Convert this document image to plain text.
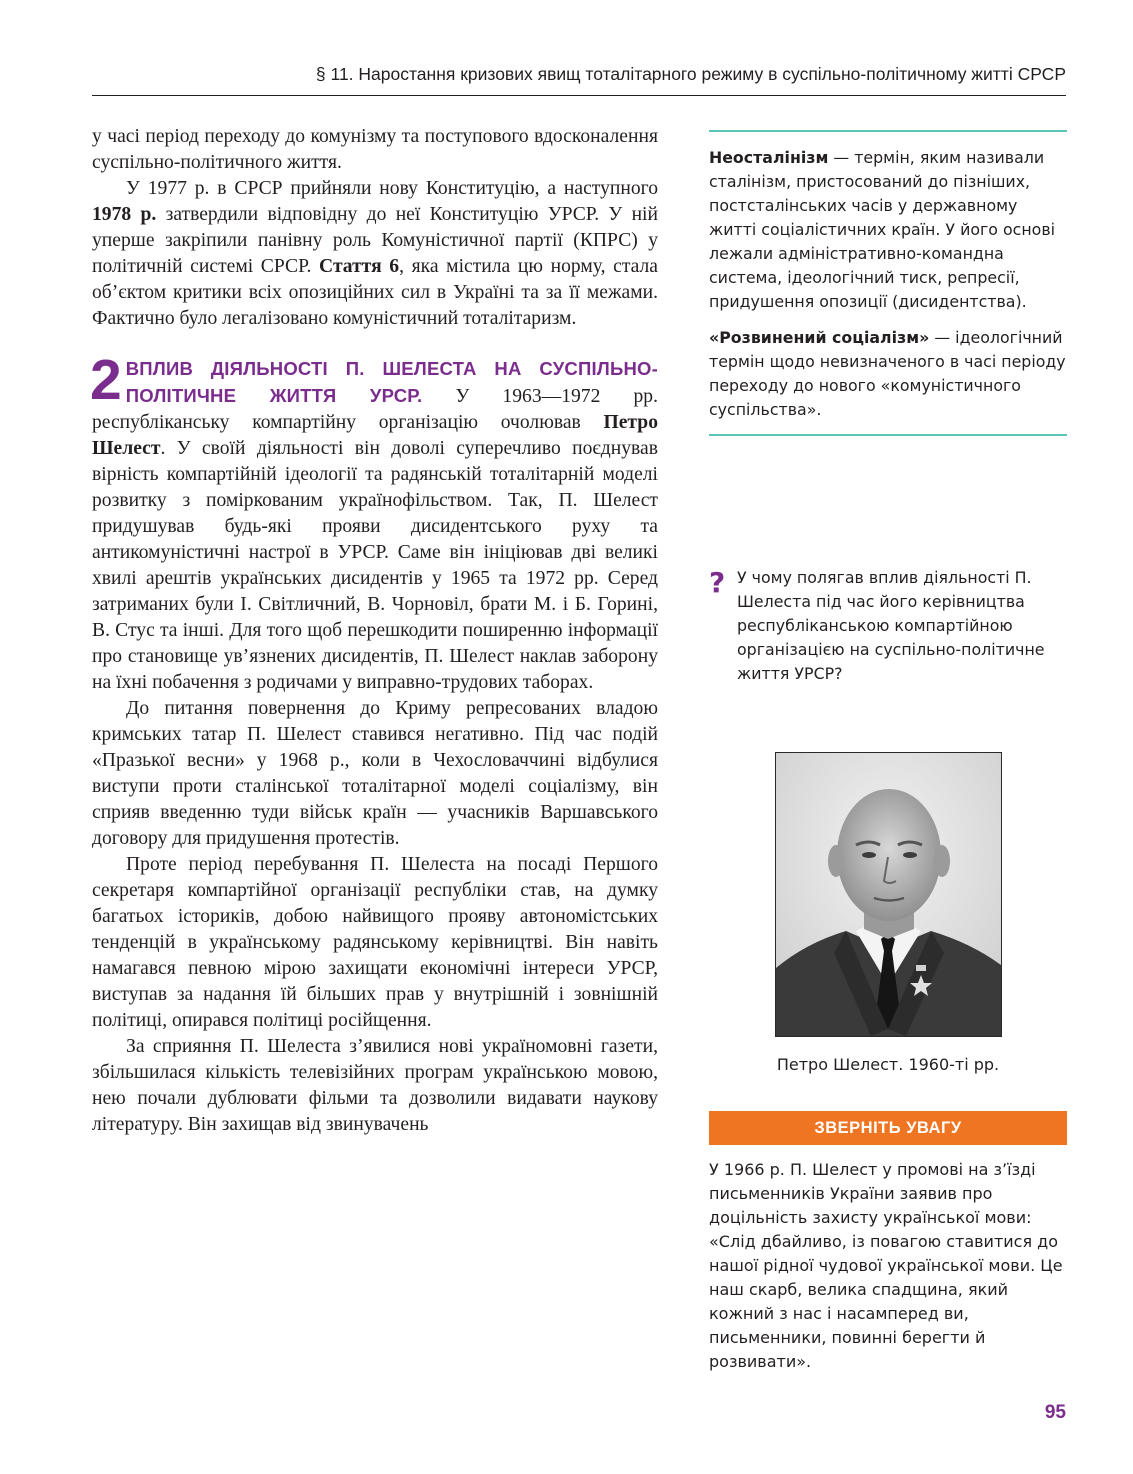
§ 11. Наростання кризових явищ тоталітарного режиму в суспільно-політичному житті СРСР

у часі період переходу до комунізму та поступового вдосконалення суспільно-політичного життя.

У 1977 р. в СРСР прийняли нову Конституцію, а наступного 1978 р. затвердили відповідну до неї Конституцію УРСР. У ній уперше закріпили панівну роль Комуністичної партії (КПРС) у політичній системі СРСР. Стаття 6, яка містила цю норму, стала об’єктом критики всіх опозиційних сил в Україні та за її межами. Фактично було легалізовано комуністичний тоталітаризм.

2 ВПЛИВ ДІЯЛЬНОСТІ П. ШЕЛЕСТА НА СУСПІЛЬНО-ПОЛІТИЧНЕ ЖИТТЯ УРСР. У 1963—1972 рр. республіканську компартійну організацію очолював Петро Шелест. У своїй діяльності він доволі суперечливо поєднував вірність компартійній ідеології та радянській тоталітарній моделі розвитку з поміркованим українофільством. Так, П. Шелест придушував будь-які прояви дисидентського руху та антикомуністичні настрої в УРСР. Саме він ініціював дві великі хвилі арештів українських дисидентів у 1965 та 1972 рр. Серед затриманих були І. Світличний, В. Чорновіл, брати М. і Б. Горині, В. Стус та інші. Для того щоб перешкодити поширенню інформації про становище ув’язнених дисидентів, П. Шелест наклав заборону на їхні побачення з родичами у виправно-трудових таборах.

До питання повернення до Криму репресованих владою кримських татар П. Шелест ставився негативно. Під час подій «Празької весни» у 1968 р., коли в Чехословаччині відбулися виступи проти сталінської тоталітарної моделі соціалізму, він сприяв введенню туди військ країн — учасників Варшавського договору для придушення протестів.

Проте період перебування П. Шелеста на посаді Першого секретаря компартійної організації республіки став, на думку багатьох істориків, добою найвищого прояву автономістських тенденцій в українському радянському керівництві. Він навіть намагався певною мірою захищати економічні інтереси УРСР, виступав за надання їй більших прав у внутрішній і зовнішній політиці, опирався політиці російщення.

За сприяння П. Шелеста з’явилися нові україномовні газети, збільшилася кількість телевізійних програм українською мовою, нею почали дублювати фільми та дозволили видавати наукову літературу. Він захищав від звинувачень

Неосталінізм — термін, яким називали сталінізм, пристосований до пізніших, постсталінських часів у державному житті соціалістичних країн. У його основі лежали адміністративно-командна система, ідеологічний тиск, репресії, придушення опозиції (дисидентства).

«Розвинений соціалізм» — ідеологічний термін щодо невизначеного в часі періоду переходу до нового «комуністичного суспільства».

? У чому полягав вплив діяльності П. Шелеста під час його керівництва республіканською компартійною організацією на суспільно-політичне життя УРСР?
Петро Шелест. 1960-ті рр.
ЗВЕРНІТЬ УВАГУ
У 1966 р. П. Шелест у промові на з’їзді письменників України заявив про доцільність захисту української мови: «Слід дбайливо, із повагою ставитися до нашої рідної чудової української мови. Це наш скарб, велика спадщина, який кожний з нас і насамперед ви, письменники, повинні берегти й розвивати».
95
